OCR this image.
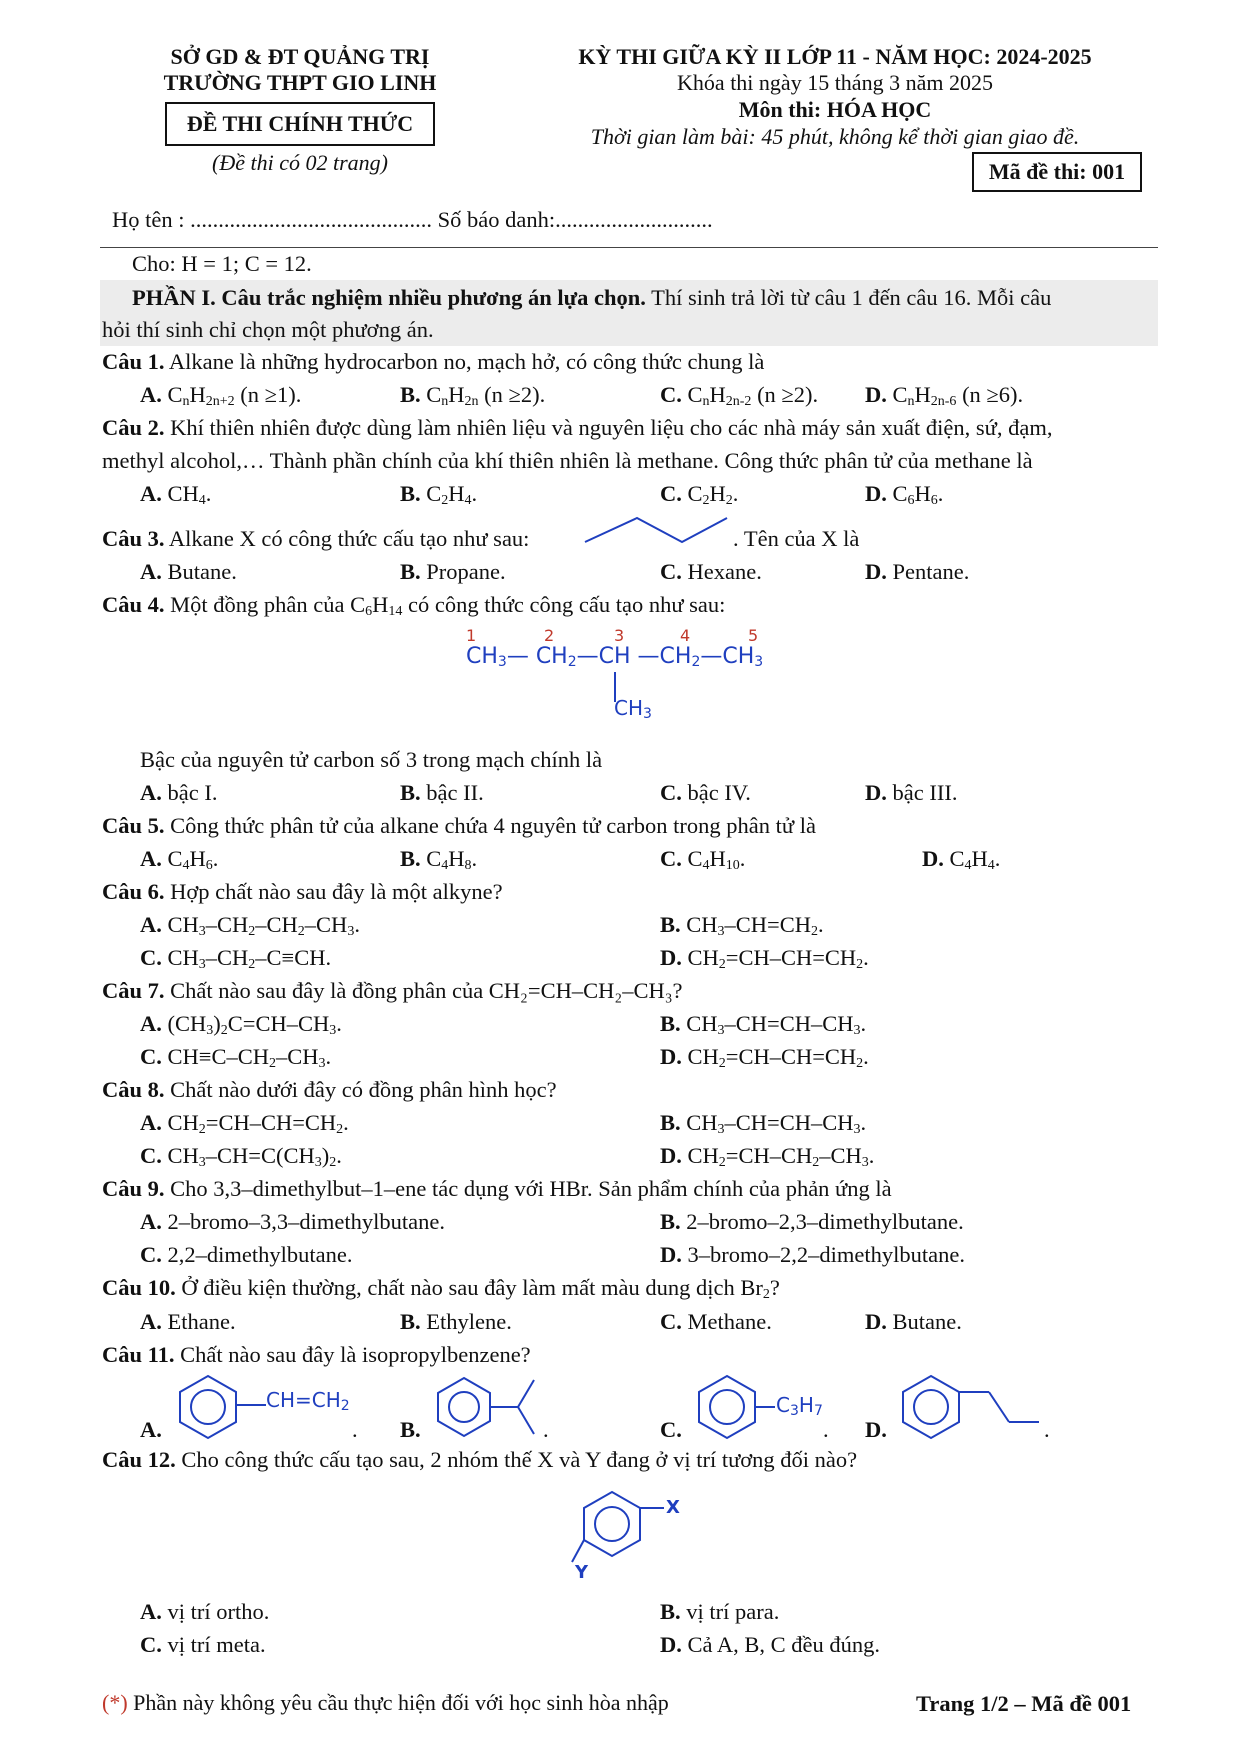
SỞ GD & ĐT QUẢNG TRỊ
TRƯỜNG THPT GIO LINH
ĐỀ THI CHÍNH THỨC
(Đề thi có 02 trang)
KỲ THI GIỮA KỲ II LỚP 11 - NĂM HỌC: 2024-2025
Khóa thi ngày 15 tháng 3 năm 2025
Môn thi: HÓA HỌC
Thời gian làm bài: 45 phút, không kể thời gian giao đề.
Mã đề thi: 001
Họ tên : ........................................... Số báo danh:............................
Cho: H = 1; C = 12.
PHẦN I. Câu trắc nghiệm nhiều phương án lựa chọn. Thí sinh trả lời từ câu 1 đến câu 16. Mỗi câu
hỏi thí sinh chỉ chọn một phương án.
Câu 1. Alkane là những hydrocarbon no, mạch hở, có công thức chung là
A. $C_nH_{2n+2}$ (n ≥1).	B. $C_nH_{2n}$ (n ≥2).	C. $C_nH_{2n-2}$ (n ≥2). D. $C_nH_{2n-6}$ (n ≥6).
Câu 2. Khí thiên nhiên được dùng làm nhiên liệu và nguyên liệu cho các nhà máy sản xuất điện, sứ, đạm,
methyl alcohol,… Thành phần chính của khí thiên nhiên là methane. Công thức phân tử của methane là
A. $CH_4$.	B. $C_2H_4$.	C. $C_2H_2$.	D. $C_6H_6$.
Câu 3. Alkane X có công thức cấu tạo như sau:	. Tên của X là
A. Butane.	B. Propane.	C. Hexane.	D. Pentane.
Câu 4. Một đồng phân của $C_6H_{14}$ có công thức công cấu tạo như sau:
1	2	3	4	5
$CH_3—$ $CH_2—CH$ $—CH_2—CH_3$
$CH_3$
Bậc của nguyên tử carbon số 3 trong mạch chính là
A. bậc I.	B. bậc II.	C. bậc IV.	D. bậc III.
Câu 5. Công thức phân tử của alkane chứa 4 nguyên tử carbon trong phân tử là
A. $C_4H_6$.	B. $C_4H_8$.	C. $C_4H_{10}$.	D. $C_4H_4$.
Câu 6. Hợp chất nào sau đây là một alkyne?
A. $CH_3-CH_2-CH_2-CH_3$.	B. $CH_3-CH=CH_2$.
C. $CH_3-CH_2-C\equiv CH$.	D. $CH_2=CH-CH=CH_2$.
Câu 7. Chất nào sau đây là đồng phân của CH₂=CH–CH₂–CH₃?
A. $(CH_3)_2C=CH-CH_3$.	B. $CH_3-CH=CH-CH_3$.
C. $CH\equiv C-CH_2-CH_3$.	D. $CH_2=CH-CH=CH_2$.
Câu 8. Chất nào dưới đây có đồng phân hình học?
A. $CH_2=CH-CH=CH_2$.	B. $CH_3-CH=CH-CH_3$.
C. $CH_3-CH=C(CH_3)_2$.	D. $CH_2=CH-CH_2-CH_3$.
Câu 9. Cho 3,3–dimethylbut–1–ene tác dụng với HBr. Sản phẩm chính của phản ứng là
A. 2–bromo–3,3–dimethylbutane.	B. 2–bromo–2,3–dimethylbutane.
C. 2,2–dimethylbutane.	D. 3–bromo–2,2–dimethylbutane.
Câu 10. Ở điều kiện thường, chất nào sau đây làm mất màu dung dịch $Br_2$?
A. Ethane.	B. Ethylene.	C. Methane.	D. Butane.
Câu 11. Chất nào sau đây là isopropylbenzene?
A.
$CH=CH_2$
. B.	.	C.
$C_3H_7$
. D.	.
Câu 12. Cho công thức cấu tạo sau, 2 nhóm thế X và Y đang ở vị trí tương đối nào?
X
Y
A. vị trí ortho.	B. vị trí para.
C. vị trí meta.	D. Cả A, B, C đều đúng.
(*) Phần này không yêu cầu thực hiện đối với học sinh hòa nhập	Trang 1/2 – Mã đề 001
